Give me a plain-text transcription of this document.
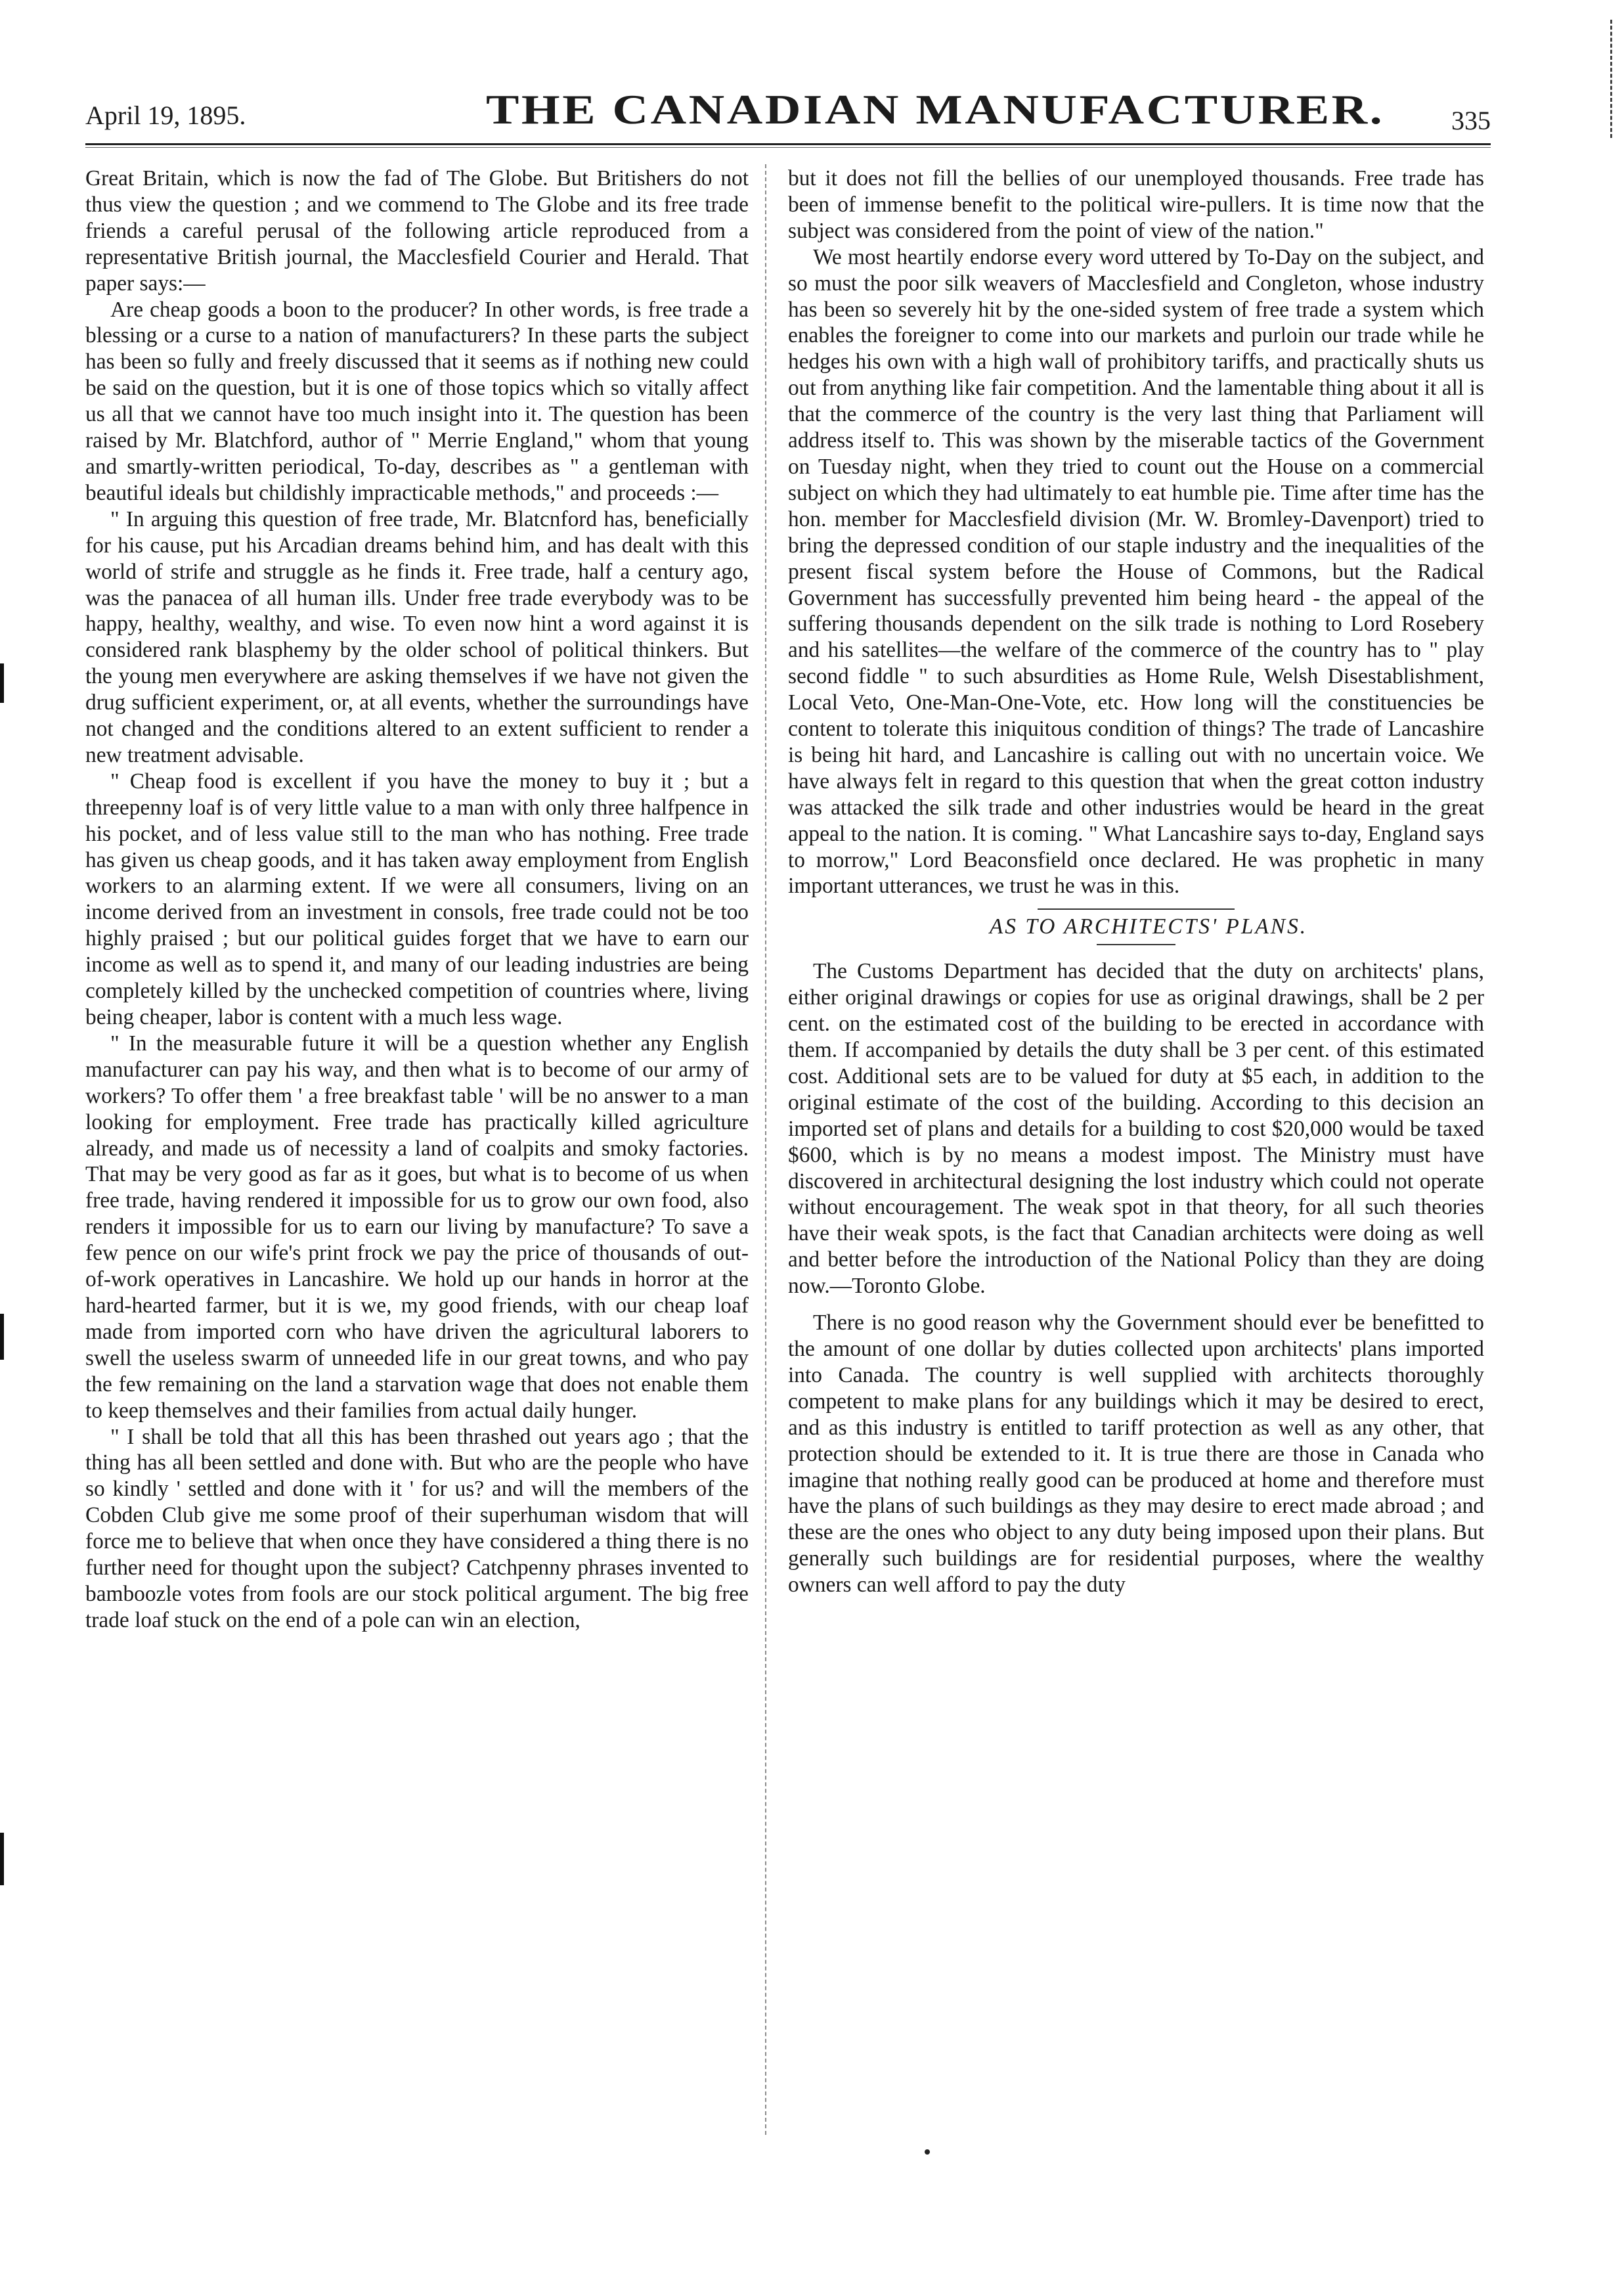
April 19, 1895.	THE CANADIAN MANUFACTURER.	335

Great Britain, which is now the fad of The Globe. But Britishers do not thus view the question ; and we commend to The Globe and its free trade friends a careful perusal of the following article reproduced from a representative British journal, the Macclesfield Courier and Herald. That paper says:—

Are cheap goods a boon to the producer? In other words, is free trade a blessing or a curse to a nation of manufacturers? In these parts the subject has been so fully and freely discussed that it seems as if nothing new could be said on the question, but it is one of those topics which so vitally affect us all that we cannot have too much insight into it. The question has been raised by Mr. Blatchford, author of " Merrie England," whom that young and smartly-written periodical, To-day, describes as " a gentleman with beautiful ideals but childishly impracticable methods," and proceeds :—

" In arguing this question of free trade, Mr. Blatcnford has, beneficially for his cause, put his Arcadian dreams behind him, and has dealt with this world of strife and struggle as he finds it. Free trade, half a century ago, was the panacea of all human ills. Under free trade everybody was to be happy, healthy, wealthy, and wise. To even now hint a word against it is considered rank blasphemy by the older school of political thinkers. But the young men everywhere are asking themselves if we have not given the drug sufficient experiment, or, at all events, whether the surroundings have not changed and the conditions altered to an extent sufficient to render a new treatment advisable.

" Cheap food is excellent if you have the money to buy it ; but a threepenny loaf is of very little value to a man with only three halfpence in his pocket, and of less value still to the man who has nothing. Free trade has given us cheap goods, and it has taken away employment from English workers to an alarming extent. If we were all consumers, living on an income derived from an investment in consols, free trade could not be too highly praised ; but our political guides forget that we have to earn our income as well as to spend it, and many of our leading industries are being completely killed by the unchecked competition of countries where, living being cheaper, labor is content with a much less wage.

" In the measurable future it will be a question whether any English manufacturer can pay his way, and then what is to become of our army of workers? To offer them ' a free breakfast table ' will be no answer to a man looking for employment. Free trade has practically killed agriculture already, and made us of necessity a land of coalpits and smoky factories. That may be very good as far as it goes, but what is to become of us when free trade, having rendered it impossible for us to grow our own food, also renders it impossible for us to earn our living by manufacture? To save a few pence on our wife's print frock we pay the price of thousands of out-of-work operatives in Lancashire. We hold up our hands in horror at the hard-hearted farmer, but it is we, my good friends, with our cheap loaf made from imported corn who have driven the agricultural laborers to swell the useless swarm of unneeded life in our great towns, and who pay the few remaining on the land a starvation wage that does not enable them to keep themselves and their families from actual daily hunger.

" I shall be told that all this has been thrashed out years ago ; that the thing has all been settled and done with. But who are the people who have so kindly ' settled and done with it ' for us? and will the members of the Cobden Club give me some proof of their superhuman wisdom that will force me to believe that when once they have considered a thing there is no further need for thought upon the subject? Catchpenny phrases invented to bamboozle votes from fools are our stock political argument. The big free trade loaf stuck on the end of a pole can win an election,

but it does not fill the bellies of our unemployed thousands. Free trade has been of immense benefit to the political wire-pullers. It is time now that the subject was considered from the point of view of the nation."

We most heartily endorse every word uttered by To-Day on the subject, and so must the poor silk weavers of Macclesfield and Congleton, whose industry has been so severely hit by the one-sided system of free trade a system which enables the foreigner to come into our markets and purloin our trade while he hedges his own with a high wall of prohibitory tariffs, and practically shuts us out from anything like fair competition. And the lamentable thing about it all is that the commerce of the country is the very last thing that Parliament will address itself to. This was shown by the miserable tactics of the Government on Tuesday night, when they tried to count out the House on a commercial subject on which they had ultimately to eat humble pie. Time after time has the hon. member for Macclesfield division (Mr. W. Bromley-Davenport) tried to bring the depressed condition of our staple industry and the inequalities of the present fiscal system before the House of Commons, but the Radical Government has successfully prevented him being heard - the appeal of the suffering thousands dependent on the silk trade is nothing to Lord Rosebery and his satellites—the welfare of the commerce of the country has to " play second fiddle " to such absurdities as Home Rule, Welsh Disestablishment, Local Veto, One-Man-One-Vote, etc. How long will the constituencies be content to tolerate this iniquitous condition of things? The trade of Lancashire is being hit hard, and Lancashire is calling out with no uncertain voice. We have always felt in regard to this question that when the great cotton industry was attacked the silk trade and other industries would be heard in the great appeal to the nation. It is coming. " What Lancashire says to-day, England says to morrow," Lord Beaconsfield once declared. He was prophetic in many important utterances, we trust he was in this.

AS TO ARCHITECTS' PLANS.

The Customs Department has decided that the duty on architects' plans, either original drawings or copies for use as original drawings, shall be 2 per cent. on the estimated cost of the building to be erected in accordance with them. If accompanied by details the duty shall be 3 per cent. of this estimated cost. Additional sets are to be valued for duty at $5 each, in addition to the original estimate of the cost of the building. According to this decision an imported set of plans and details for a building to cost $20,000 would be taxed $600, which is by no means a modest impost. The Ministry must have discovered in architectural designing the lost industry which could not operate without encouragement. The weak spot in that theory, for all such theories have their weak spots, is the fact that Canadian architects were doing as well and better before the introduction of the National Policy than they are doing now.—Toronto Globe.

There is no good reason why the Government should ever be benefitted to the amount of one dollar by duties collected upon architects' plans imported into Canada. The country is well supplied with architects thoroughly competent to make plans for any buildings which it may be desired to erect, and as this industry is entitled to tariff protection as well as any other, that protection should be extended to it. It is true there are those in Canada who imagine that nothing really good can be produced at home and therefore must have the plans of such buildings as they may desire to erect made abroad ; and these are the ones who object to any duty being imposed upon their plans. But generally such buildings are for residential purposes, where the wealthy owners can well afford to pay the duty
